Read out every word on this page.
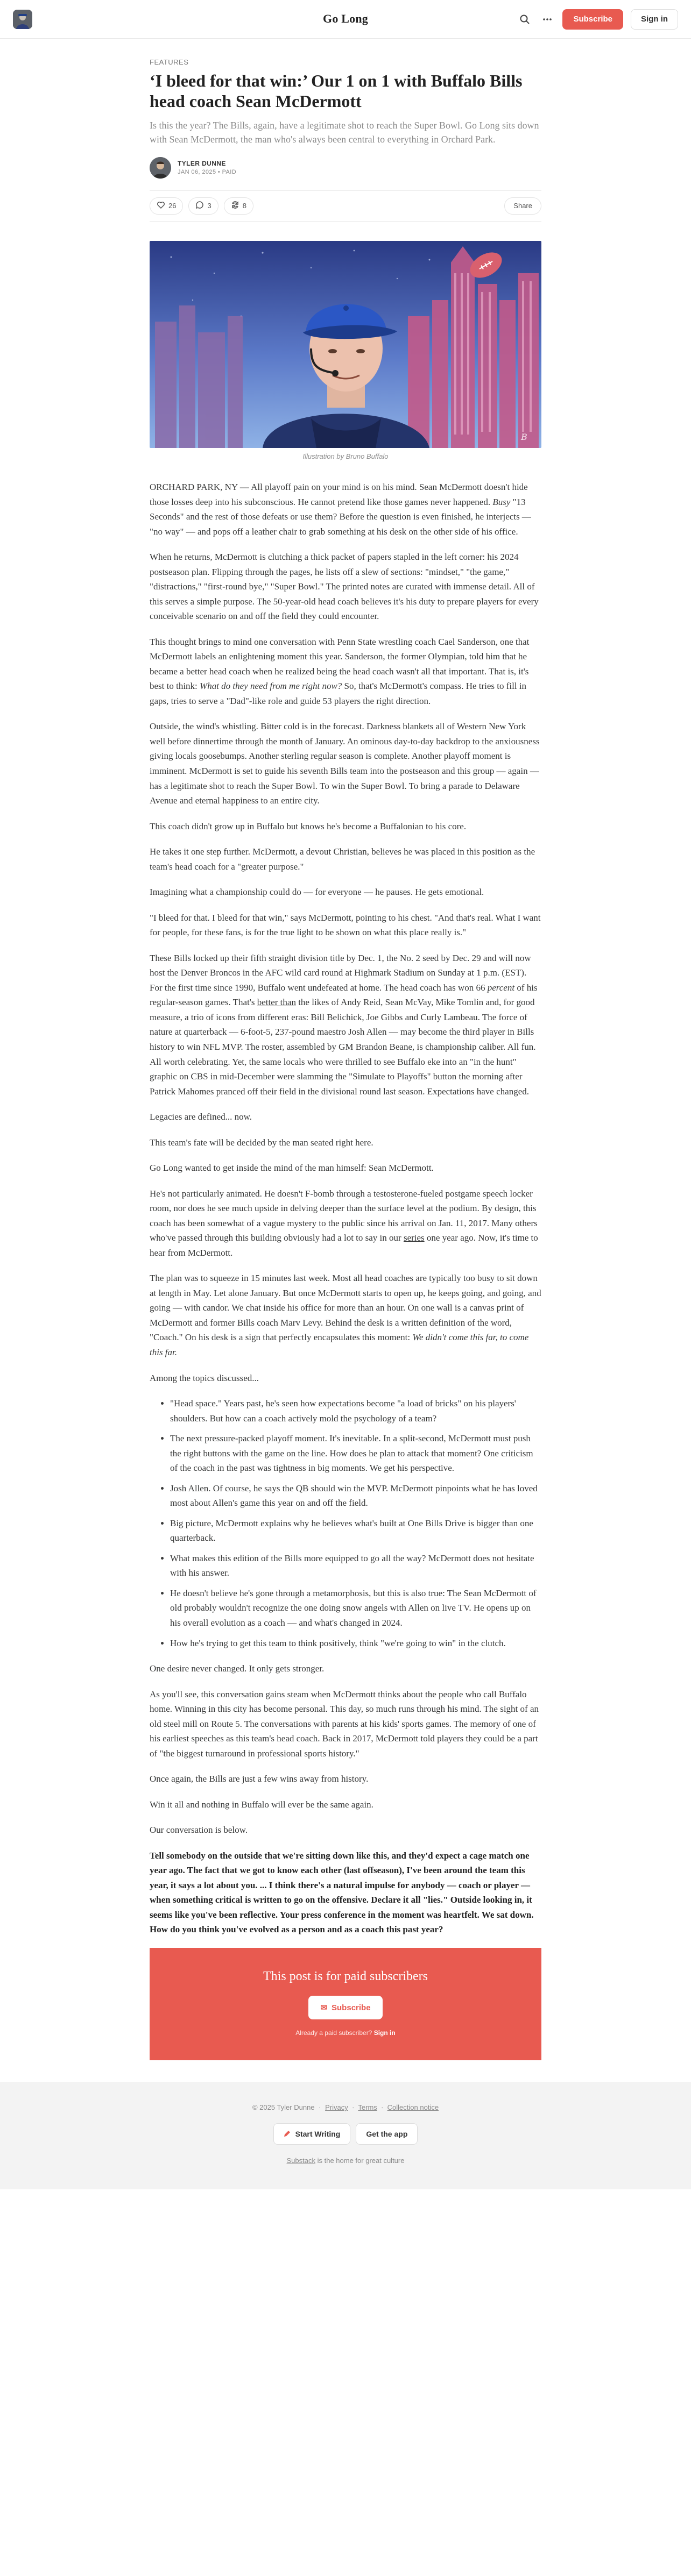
Go Long	Subscribe	Sign in
FEATURES
‘I bleed for that win:’ Our 1 on 1 with Buffalo Bills head coach Sean McDermott
Is this the year? The Bills, again, have a legitimate shot to reach the Super Bowl. Go Long sits down with Sean McDermott, the man who's always been central to everything in Orchard Park.
TYLER DUNNE
JAN 06, 2025 • PAID
26	3	8	Share
B
Illustration by Bruno Buffalo

ORCHARD PARK, NY — All playoff pain on your mind is on his mind. Sean McDermott doesn't hide those losses deep into his subconscious. He cannot pretend like those games never happened. Busy "13 Seconds" and the rest of those defeats or use them? Before the question is even finished, he interjects — "no way" — and pops off a leather chair to grab something at his desk on the other side of his office.

When he returns, McDermott is clutching a thick packet of papers stapled in the left corner: his 2024 postseason plan. Flipping through the pages, he lists off a slew of sections: "mindset," "the game," "distractions," "first-round bye," "Super Bowl." The printed notes are curated with immense detail. All of this serves a simple purpose. The 50-year-old head coach believes it's his duty to prepare players for every conceivable scenario on and off the field they could encounter.

This thought brings to mind one conversation with Penn State wrestling coach Cael Sanderson, one that McDermott labels an enlightening moment this year. Sanderson, the former Olympian, told him that he became a better head coach when he realized being the head coach wasn't all that important. That is, it's best to think: What do they need from me right now? So, that's McDermott's compass. He tries to fill in gaps, tries to serve a "Dad"-like role and guide 53 players the right direction.

Outside, the wind's whistling. Bitter cold is in the forecast. Darkness blankets all of Western New York well before dinnertime through the month of January. An ominous day-to-day backdrop to the anxiousness giving locals goosebumps. Another sterling regular season is complete. Another playoff moment is imminent. McDermott is set to guide his seventh Bills team into the postseason and this group — again — has a legitimate shot to reach the Super Bowl. To win the Super Bowl. To bring a parade to Delaware Avenue and eternal happiness to an entire city.

This coach didn't grow up in Buffalo but knows he's become a Buffalonian to his core.

He takes it one step further. McDermott, a devout Christian, believes he was placed in this position as the team's head coach for a "greater purpose."

Imagining what a championship could do — for everyone — he pauses. He gets emotional.

"I bleed for that. I bleed for that win," says McDermott, pointing to his chest. "And that's real. What I want for people, for these fans, is for the true light to be shown on what this place really is."

These Bills locked up their fifth straight division title by Dec. 1, the No. 2 seed by Dec. 29 and will now host the Denver Broncos in the AFC wild card round at Highmark Stadium on Sunday at 1 p.m. (EST). For the first time since 1990, Buffalo went undefeated at home. The head coach has won 66 percent of his regular-season games. That's better than the likes of Andy Reid, Sean McVay, Mike Tomlin and, for good measure, a trio of icons from different eras: Bill Belichick, Joe Gibbs and Curly Lambeau. The force of nature at quarterback — 6-foot-5, 237-pound maestro Josh Allen — may become the third player in Bills history to win NFL MVP. The roster, assembled by GM Brandon Beane, is championship caliber. All fun. All worth celebrating. Yet, the same locals who were thrilled to see Buffalo eke into an "in the hunt" graphic on CBS in mid-December were slamming the "Simulate to Playoffs" button the morning after Patrick Mahomes pranced off their field in the divisional round last season. Expectations have changed.

Legacies are defined... now.

This team's fate will be decided by the man seated right here.

Go Long wanted to get inside the mind of the man himself: Sean McDermott.

He's not particularly animated. He doesn't F-bomb through a testosterone-fueled postgame speech locker room, nor does he see much upside in delving deeper than the surface level at the podium. By design, this coach has been somewhat of a vague mystery to the public since his arrival on Jan. 11, 2017. Many others who've passed through this building obviously had a lot to say in our series one year ago. Now, it's time to hear from McDermott.

The plan was to squeeze in 15 minutes last week. Most all head coaches are typically too busy to sit down at length in May. Let alone January. But once McDermott starts to open up, he keeps going, and going, and going — with candor. We chat inside his office for more than an hour. On one wall is a canvas print of McDermott and former Bills coach Marv Levy. Behind the desk is a written definition of the word, "Coach." On his desk is a sign that perfectly encapsulates this moment: We didn't come this far, to come this far.

Among the topics discussed...

• "Head space." Years past, he's seen how expectations become "a load of bricks" on his players' shoulders. But how can a coach actively mold the psychology of a team?
• The next pressure-packed playoff moment. It's inevitable. In a split-second, McDermott must push the right buttons with the game on the line. How does he plan to attack that moment? One criticism of the coach in the past was tightness in big moments. We get his perspective.
• Josh Allen. Of course, he says the QB should win the MVP. McDermott pinpoints what he has loved most about Allen's game this year on and off the field.
• Big picture, McDermott explains why he believes what's built at One Bills Drive is bigger than one quarterback.
• What makes this edition of the Bills more equipped to go all the way? McDermott does not hesitate with his answer.
• He doesn't believe he's gone through a metamorphosis, but this is also true: The Sean McDermott of old probably wouldn't recognize the one doing snow angels with Allen on live TV. He opens up on his overall evolution as a coach — and what's changed in 2024.
• How he's trying to get this team to think positively, think "we're going to win" in the clutch.

One desire never changed. It only gets stronger.

As you'll see, this conversation gains steam when McDermott thinks about the people who call Buffalo home. Winning in this city has become personal. This day, so much runs through his mind. The sight of an old steel mill on Route 5. The conversations with parents at his kids' sports games. The memory of one of his earliest speeches as this team's head coach. Back in 2017, McDermott told players they could be a part of "the biggest turnaround in professional sports history."

Once again, the Bills are just a few wins away from history.

Win it all and nothing in Buffalo will ever be the same again.

Our conversation is below.

Tell somebody on the outside that we're sitting down like this, and they'd expect a cage match one year ago. The fact that we got to know each other (last offseason), I've been around the team this year, it says a lot about you. ... I think there's a natural impulse for anybody — coach or player — when something critical is written to go on the offensive. Declare it all "lies." Outside looking in, it seems like you've been reflective. Your press conference in the moment was heartfelt. We sat down. How do you think you've evolved as a person and as a coach this past year?

This post is for paid subscribers
✉ Subscribe
Already a paid subscriber? Sign in
© 2025 Tyler Dunne · Privacy ∙ Terms ∙ Collection notice
Start Writing	Get the app
Substack is the home for great culture
